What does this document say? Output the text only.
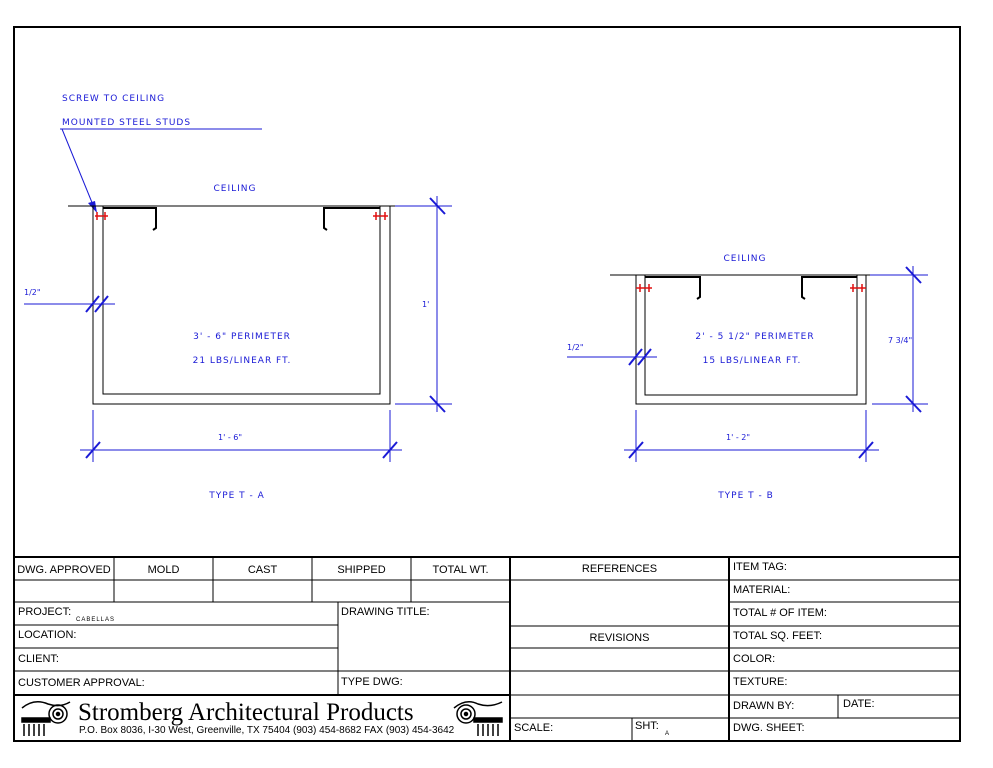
SCREW TO CEILING
MOUNTED STEEL STUDS
CEILING
3' - 6" PERIMETER
21 LBS/LINEAR FT.
1/2"
1'
1' - 6"
TYPE T - A
CEILING
2' - 5 1/2" PERIMETER
15 LBS/LINEAR FT.
1/2"
7 3/4"
1' - 2"
TYPE T - B
DWG. APPROVED	MOLD	CAST	SHIPPED	TOTAL WT.
PROJECT:
CABELLAS
LOCATION:
CLIENT:
CUSTOMER APPROVAL:
DRAWING TITLE:
TYPE DWG:
REFERENCES
REVISIONS
SCALE:	SHT:
A
ITEM TAG:
MATERIAL:
TOTAL # OF ITEM:
TOTAL SQ. FEET:
COLOR:
TEXTURE:
DRAWN BY:	DATE:
DWG. SHEET:
Stromberg Architectural Products
P.O. Box 8036, I-30 West, Greenville, TX 75404 (903) 454-8682 FAX (903) 454-3642
